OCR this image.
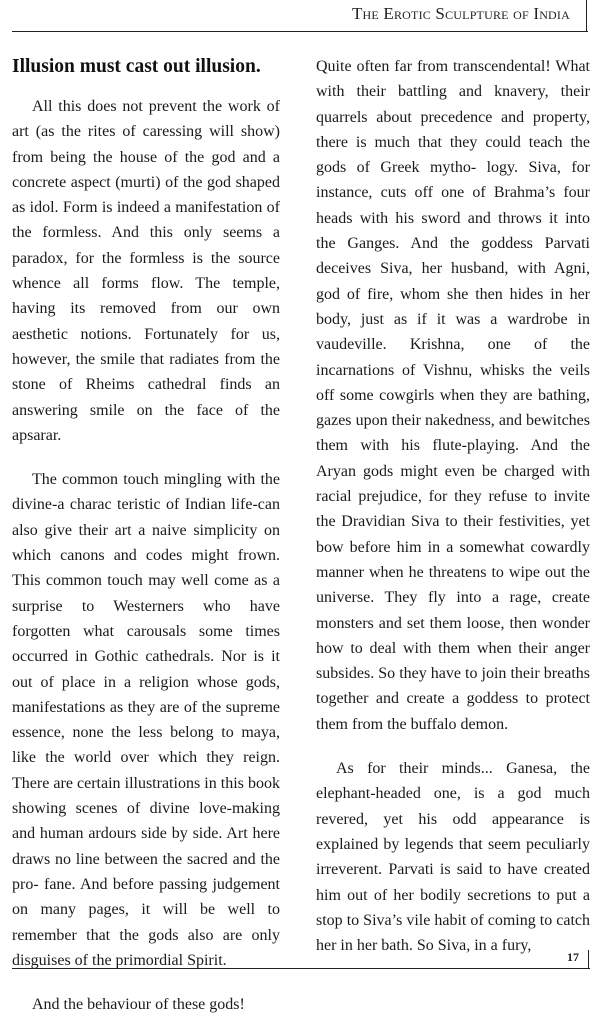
The Erotic Sculpture of India
Illusion must cast out illusion.

All this does not prevent the work of art (as the rites of caressing will show) from being the house of the god and a concrete aspect (murti) of the god shaped as idol. Form is indeed a manifestation of the formless. And this only seems a paradox, for the formless is the source whence all forms flow. The temple, having its removed from our own aesthetic notions. Fortunately for us, however, the smile that radiates from the stone of Rheims cathedral finds an answering smile on the face of the apsarar.

The common touch mingling with the divine-a charac teristic of Indian life-can also give their art a naive simplicity on which canons and codes might frown. This common touch may well come as a surprise to Westerners who have forgotten what carousals some times occurred in Gothic cathedrals. Nor is it out of place in a religion whose gods, manifestations as they are of the supreme essence, none the less belong to maya, like the world over which they reign. There are certain illustrations in this book showing scenes of divine love-making and human ardours side by side. Art here draws no line between the sacred and the pro- fane. And before passing judgement on many pages, it will be well to remember that the gods also are only disguises of the primordial Spirit.

And the behaviour of these gods!

Quite often far from transcendental! What with their battling and knavery, their quarrels about precedence and property, there is much that they could teach the gods of Greek mytho- logy. Siva, for instance, cuts off one of Brahma’s four heads with his sword and throws it into the Ganges. And the goddess Parvati deceives Siva, her husband, with Agni, god of fire, whom she then hides in her body, just as if it was a wardrobe in vaudeville. Krishna, one of the incarnations of Vishnu, whisks the veils off some cowgirls when they are bathing, gazes upon their nakedness, and bewitches them with his flute-playing. And the Aryan gods might even be charged with racial prejudice, for they refuse to invite the Dravidian Siva to their festivities, yet bow before him in a somewhat cowardly manner when he threatens to wipe out the universe. They fly into a rage, create monsters and set them loose, then wonder how to deal with them when their anger subsides. So they have to join their breaths together and create a goddess to protect them from the buffalo demon.

As for their minds... Ganesa, the elephant-headed one, is a god much revered, yet his odd appearance is explained by legends that seem peculiarly irreverent. Parvati is said to have created him out of her bodily secretions to put a stop to Siva’s vile habit of coming to catch her in her bath. So Siva, in a fury,

17
